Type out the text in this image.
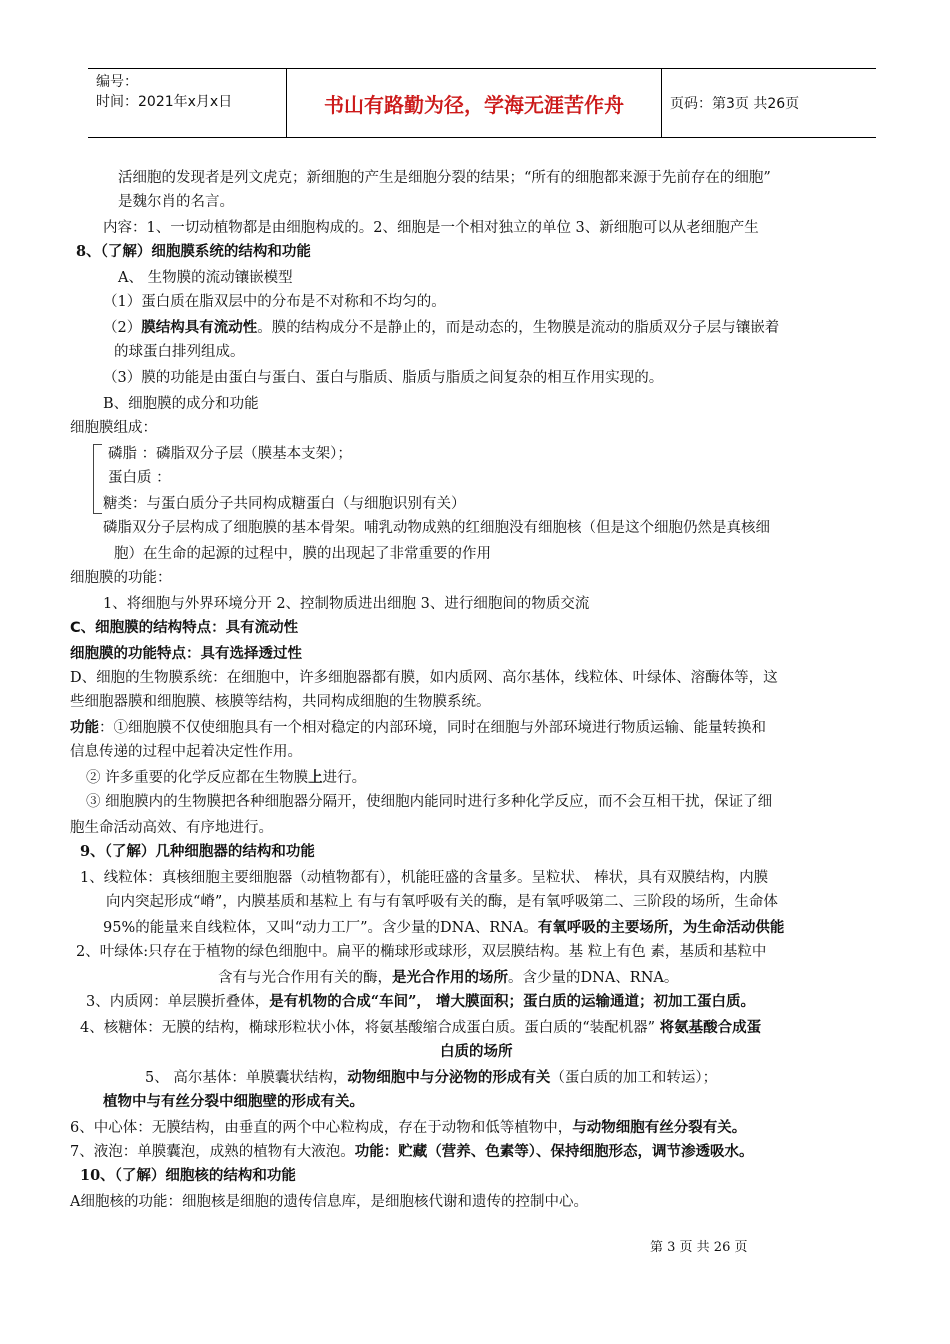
编号：
时间：2021年x月x日	书山有路勤为径，学海无涯苦作舟	页码：第3页 共26页
活细胞的发现者是列文虎克；新细胞的产生是细胞分裂的结果；“所有的细胞都来源于先前存在的细胞”
是魏尔肖的名言。
内容：1、一切动植物都是由细胞构成的。2、细胞是一个相对独立的单位 3、新细胞可以从老细胞产生
8、（了解）细胞膜系统的结构和功能
A、 生物膜的流动镶嵌模型
（1）蛋白质在脂双层中的分布是不对称和不均匀的。
（2）膜结构具有流动性。膜的结构成分不是静止的，而是动态的，生物膜是流动的脂质双分子层与镶嵌着
的球蛋白排列组成。
（3）膜的功能是由蛋白与蛋白、蛋白与脂质、脂质与脂质之间复杂的相互作用实现的。
B、细胞膜的成分和功能
细胞膜组成：
磷脂 ：磷脂双分子层（膜基本支架）；
蛋白质 ：
糖类：与蛋白质分子共同构成糖蛋白（与细胞识别有关）
磷脂双分子层构成了细胞膜的基本骨架。哺乳动物成熟的红细胞没有细胞核（但是这个细胞仍然是真核细
胞）在生命的起源的过程中，膜的出现起了非常重要的作用
细胞膜的功能：
1、将细胞与外界环境分开 2、控制物质进出细胞 3、进行细胞间的物质交流
C、细胞膜的结构特点：具有流动性
细胞膜的功能特点：具有选择透过性
D、细胞的生物膜系统：在细胞中，许多细胞器都有膜，如内质网、高尔基体，线粒体、叶绿体、溶酶体等，这
些细胞器膜和细胞膜、核膜等结构，共同构成细胞的生物膜系统。
功能：①细胞膜不仅使细胞具有一个相对稳定的内部环境，同时在细胞与外部环境进行物质运输、能量转换和
信息传递的过程中起着决定性作用。
② 许多重要的化学反应都在生物膜上进行。
③ 细胞膜内的生物膜把各种细胞器分隔开，使细胞内能同时进行多种化学反应，而不会互相干扰，保证了细
胞生命活动高效、有序地进行。
9、（了解）几种细胞器的结构和功能
1、线粒体：真核细胞主要细胞器（动植物都有），机能旺盛的含量多。呈粒状、 棒状，具有双膜结构，内膜
向内突起形成“嵴”，内膜基质和基粒上 有与有氧呼吸有关的酶，是有氧呼吸第二、三阶段的场所，生命体
95%的能量来自线粒体，又叫“动力工厂”。含少量的DNA、RNA。有氧呼吸的主要场所，为生命活动供能
2、叶绿体:只存在于植物的绿色细胞中。扁平的椭球形或球形，双层膜结构。基 粒上有色 素，基质和基粒中
含有与光合作用有关的酶，是光合作用的场所。含少量的DNA、RNA。
3、内质网：单层膜折叠体，是有机物的合成“车间”， 增大膜面积；蛋白质的运输通道；初加工蛋白质。
4、核糖体：无膜的结构，椭球形粒状小体，将氨基酸缩合成蛋白质。蛋白质的“装配机器” 将氨基酸合成蛋
白质的场所
5、 高尔基体：单膜囊状结构，动物细胞中与分泌物的形成有关（蛋白质的加工和转运）；
植物中与有丝分裂中细胞壁的形成有关。
6、中心体：无膜结构，由垂直的两个中心粒构成，存在于动物和低等植物中，与动物细胞有丝分裂有关。
7、液泡：单膜囊泡，成熟的植物有大液泡。功能：贮藏（营养、色素等）、保持细胞形态，调节渗透吸水。
10、（了解）细胞核的结构和功能
A细胞核的功能：细胞核是细胞的遗传信息库，是细胞核代谢和遗传的控制中心。
第 3 页 共 26 页
